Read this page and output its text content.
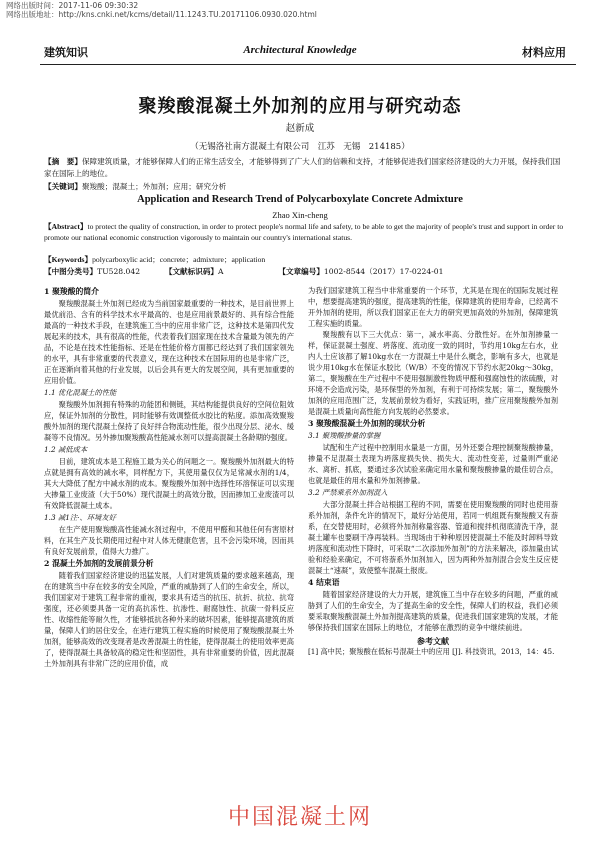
网络出版时间：2017-11-06 09:30:32
网络出版地址：http://kns.cnki.net/kcms/detail/11.1243.TU.20171106.0930.020.html
建筑知识	Architectural Knowledge	材料应用
聚羧酸混凝土外加剂的应用与研究动态
赵新成
（无锡洛社南方混凝土有限公司　江苏　无锡　214185）
【摘　要】保障建筑质量，才能够保障人们的正常生活安全，才能够得到了广大人们的信赖和支持，才能够促进我们国家经济建设的大力开展，保持我们国家在国际上的地位。
【关键词】聚羧酸；混凝土；外加剂；应用；研究分析
Application and Research Trend of Polycarboxylate Concrete Admixture
Zhao Xin-cheng
【Abstract】to protect the quality of construction, in order to protect people's normal life and safety, to be able to get the majority of people's trust and support in order to promote our national economic construction vigorously to maintain our country's international status.
【Keywords】polycarboxylic acid；concrete；admixture；application
【中图分类号】TU528.042	【文献标识码】A	【文章编号】1002-8544（2017）17-0224-01
1 聚羧酸的简介

聚羧酸混凝土外加剂已经成为当前国家最重要的一种技术，是目前世界上最优前沿、含有的科学技术水平最高的、也是应用前景最好的、具有综合性能最高的一种技术手段，在建筑施工当中的应用非常广泛，这种技术是第四代发展起来的技术，具有很高的性能，代表着我们国家现在技术含量最为领先的产品，不论是在技术性能指标、还是在性能价格方面都已经达到了我们国家领先的水平，具有非常重要的代表意义，现在这种技术在国际用的也是非常广泛，正在逐渐向着其他的行业发展，以后会具有更大的发展空间，具有更加重要的应用价值。

1.1 优化混凝土的性能

聚羧酸外加剂拥有特殊的功能团和侧链，其结构能提供良好的空间位阻效应，保证外加剂的分散性，同时能够有效调整低水胶比的粘度。添加高效聚羧酸外加剂的现代混凝土保持了良好拌合物流动性能，很少出现分层、泌水、缓凝等不良情况。另外掺加聚羧酸高性能减水剂可以提高混凝土各龄期的强度。

1.2 减低成本

目前，建筑成本是工程施工最为关心的问题之一。聚羧酸外加剂最大的特点就是拥有高效的减水率，同样配方下，其使用量仅仅为足常减水剂的1/4，其大大降低了配方中减水剂的成本。聚羧酸外加剂中选择性环溶保证可以实现大掺量工业废渣（大于50%）现代混凝土的高效分散，因而掺加工业废渣可以有效降低混凝土成本。

1.3 减1注·、环境友好

在生产使用聚羧酸高性能减水剂过程中，不使用甲醛和其他任何有害原材料，在其生产及长期使用过程中对人体无健康危害，且不会污染环境，因而具有良好发展前景，值得大力推广。

2 混凝土外加剂的发展前景分析

随着我们国家经济建设的迅猛发展，人们对建筑质量的要求越来越高，现在的建筑当中存在较多的安全风险，严重的威胁到了人们的生命安全，所以，我们国家对于建筑工程非常的重视，要求具有适当的抗压、抗折、抗拉、抗弯强度，还必须要具备一定的高抗冻性、抗渗性、耐腐蚀性、抗碳一骨料反应性、收缩性能等耐久性，才能够抵抗各种外来的破坏因素，能够提高建筑的质量，保障人们的居住安全，在进行建筑工程实施的时候使用了聚羧酸混凝土外加剂，能够高效的改变现者是改善混凝土的性能，使得混凝土的使用效率更高了，使得混凝土具备较高的稳定性和坚固性，具有非常重要的价值，因此混凝土外加剂具有非常广泛的应用价值，成

为我们国家建筑工程当中非常重要的一个环节，尤其是在现在的国际发展过程中，想要提高建筑的强度，提高建筑的性能，保障建筑的使用寿命，已经离不开外加剂的使用，所以我们国家正在大力的研究更加高效的外加剂，保障建筑工程实施的质量。

聚羧酸有以下三大优点：第一，减水率高、分散性好。在外加剂掺量一样，保证混凝土强度、坍落度、流动度一致的同时，节约用10kg左右水，业内人士应该都了解10kg水在一方混凝土中是什么概念，影响有多大，也就是说少用10kg水在保证水胶比（W/B）不变的情况下节约水泥20kg～30kg，第二，聚羧酸在生产过程中不使用强制激性物质甲醛和强腐蚀性的浓硫酸，对环境不会造成污染，是环保型的外加剂，有利于可持续发展；第二，聚羧酸外加剂的应用范围广泛，发展前景较为看好，实践证明，推广应用聚羧酸外加剂是混凝土质量向高性能方向发展的必然要求。

3 聚羧酸混凝土外加剂的现状分析
3.1 聚羧酸掺量的掌握

试配和生产过程中控制用水量是一方面，另外还要合理控制聚羧酸掺量，掺量不足混凝土表现为坍落度损失快、损失大、流动性变差，过量则严重泌水、离析、抓底，要通过多次试验来确定用水量和聚羧酸掺量的最佳切合点，也就是最佳的用水量和外加剂掺量。

3.2 严禁乘系外加剂混入

大部分混凝土拌合站根据工程的不同，需要在使用聚羧酸的同时也使用萘系外加剂，条件允许的情况下，最好分站使用，若同一机组既有聚羧酸又有萘系，在交替使用时，必须将外加剂称量容器、管道和搅拌机彻底清洗干净，混凝土罐车也要刷干净再装料。当现场由于种种原因使混凝土不能及时卸料导致坍落度和流动性下降时，可采取“二次添加外加剂”的方法来解决，添加量由试验和经验来确定，不可将萘系外加剂加入，因为两种外加剂混合会发生反应使混凝土“速凝”，致使整车混凝土报废。

4 结束语

随着国家经济建设的大力开展，建筑施工当中存在较多的问题，严重的威胁到了人们的生命安全，为了提高生命的安全性，保障人们的权益，我们必须要采取聚羧酸混凝土外加剂提高建筑的质量，促进我们国家建筑的发展，才能够保持我们国家在国际上的地位，才能够在激烈的竞争中继续前进。

参考文献
[1] 高中民；聚羧酸在低标号混凝土中的应用 [J]. 科技资讯，2013，14：45.
中国混凝土网
